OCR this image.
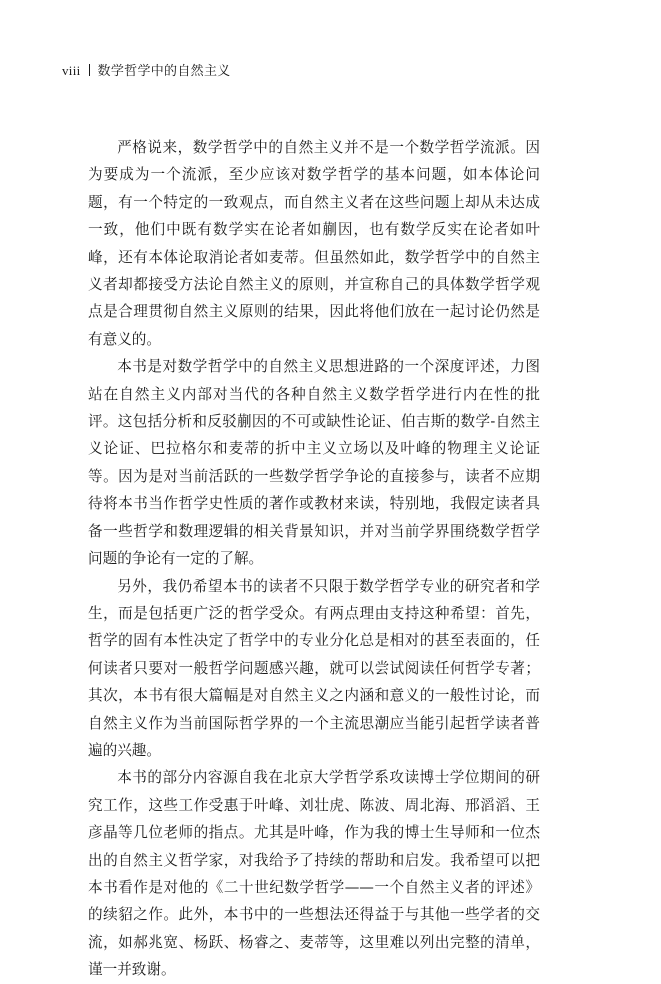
viii 数学哲学中的自然主义

严格说来，数学哲学中的自然主义并不是一个数学哲学流派。因为要成为一个流派，至少应该对数学哲学的基本问题，如本体论问题，有一个特定的一致观点，而自然主义者在这些问题上却从未达成一致，他们中既有数学实在论者如蒯因，也有数学反实在论者如叶峰，还有本体论取消论者如麦蒂。但虽然如此，数学哲学中的自然主义者却都接受方法论自然主义的原则，并宣称自己的具体数学哲学观点是合理贯彻自然主义原则的结果，因此将他们放在一起讨论仍然是有意义的。

本书是对数学哲学中的自然主义思想进路的一个深度评述，力图站在自然主义内部对当代的各种自然主义数学哲学进行内在性的批评。这包括分析和反驳蒯因的不可或缺性论证、伯吉斯的数学-自然主义论证、巴拉格尔和麦蒂的折中主义立场以及叶峰的物理主义论证等。因为是对当前活跃的一些数学哲学争论的直接参与，读者不应期待将本书当作哲学史性质的著作或教材来读，特别地，我假定读者具备一些哲学和数理逻辑的相关背景知识，并对当前学界围绕数学哲学问题的争论有一定的了解。

另外，我仍希望本书的读者不只限于数学哲学专业的研究者和学生，而是包括更广泛的哲学受众。有两点理由支持这种希望：首先，哲学的固有本性决定了哲学中的专业分化总是相对的甚至表面的，任何读者只要对一般哲学问题感兴趣，就可以尝试阅读任何哲学专著；其次，本书有很大篇幅是对自然主义之内涵和意义的一般性讨论，而自然主义作为当前国际哲学界的一个主流思潮应当能引起哲学读者普遍的兴趣。

本书的部分内容源自我在北京大学哲学系攻读博士学位期间的研究工作，这些工作受惠于叶峰、刘壮虎、陈波、周北海、邢滔滔、王彦晶等几位老师的指点。尤其是叶峰，作为我的博士生导师和一位杰出的自然主义哲学家，对我给予了持续的帮助和启发。我希望可以把本书看作是对他的《二十世纪数学哲学——一个自然主义者的评述》的续貂之作。此外，本书中的一些想法还得益于与其他一些学者的交流，如郝兆宽、杨跃、杨睿之、麦蒂等，这里难以列出完整的清单，谨一并致谢。
